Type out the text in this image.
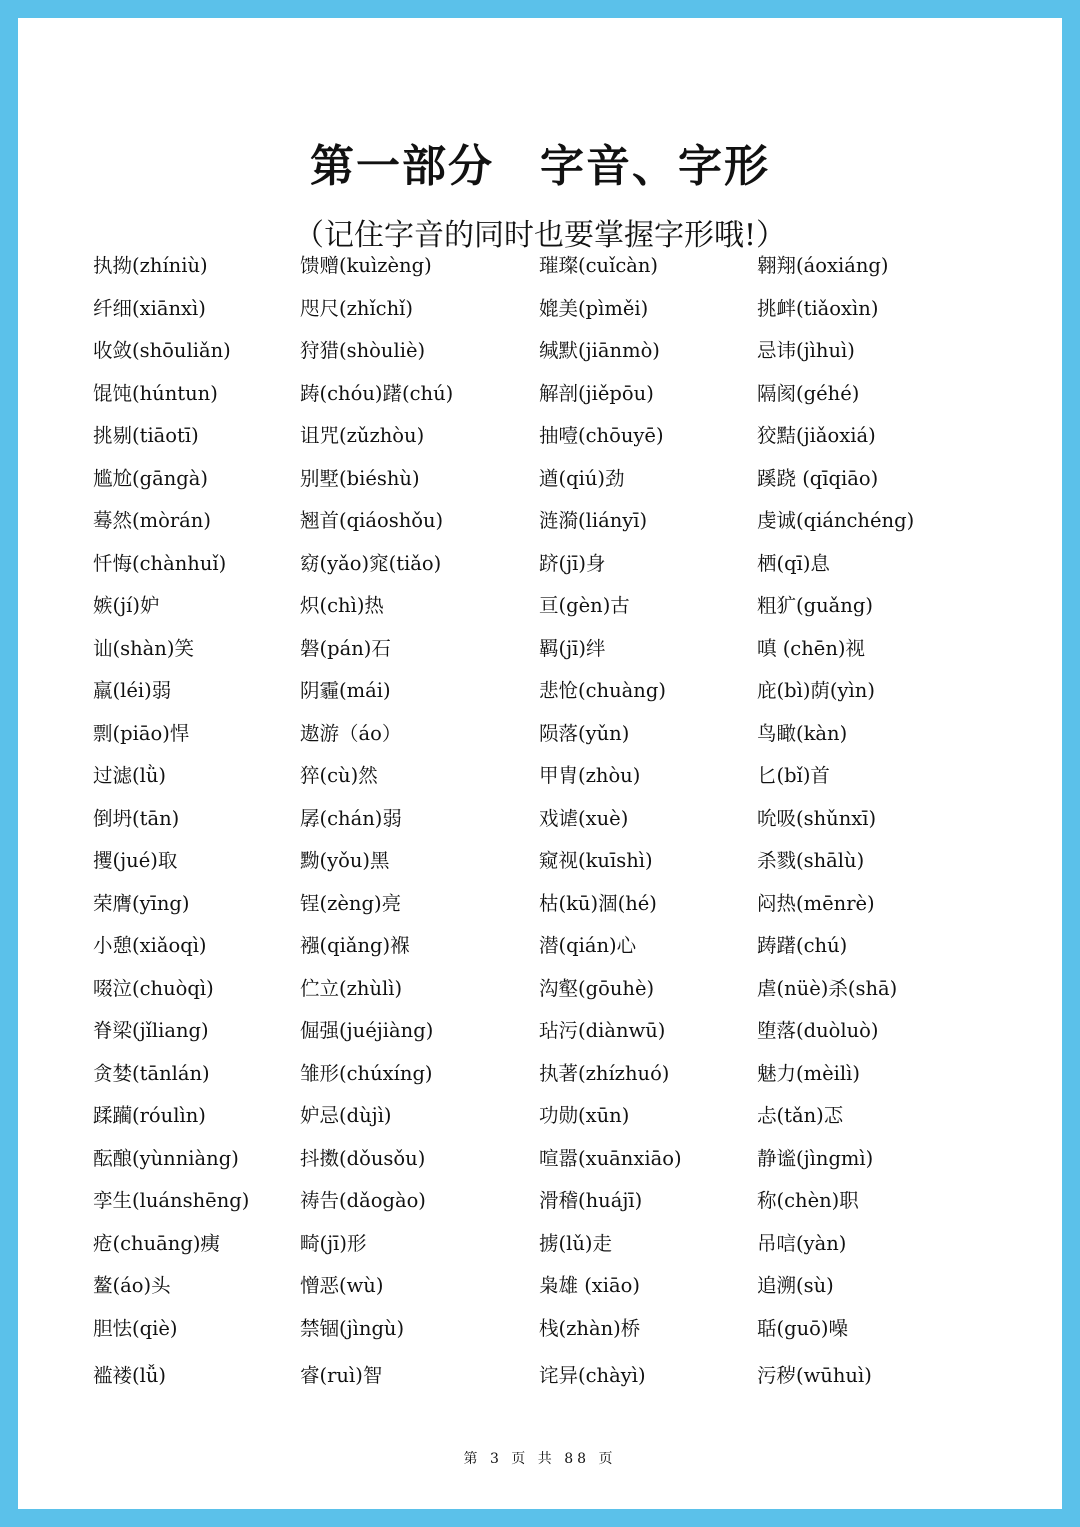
第一部分　字音、字形
（记住字音的同时也要掌握字形哦!）
执拗(zhíniù)
纤细(xiānxì)
收敛(shōuliǎn)
馄饨(húntun)
挑剔(tiāotī)
尴尬(gāngà)
蓦然(mòrán)
忏悔(chànhuǐ)
嫉(jí)妒
讪(shàn)笑
羸(léi)弱
剽(piāo)悍
过滤(lǜ)
倒坍(tān)
攫(jué)取
荣膺(yīng)
小憩(xiǎoqì)
啜泣(chuòqì)
脊梁(jǐliang)
贪婪(tānlán)
蹂躏(róulìn)
酝酿(yùnniàng)
孪生(luánshēng)
疮(chuāng)痍
鳌(áo)头
胆怯(qiè)
褴褛(lǚ)
馈赠(kuìzèng)
咫尺(zhǐchǐ)
狩猎(shòuliè)
踌(chóu)躇(chú)
诅咒(zǔzhòu)
别墅(biéshù)
翘首(qiáoshǒu)
窈(yǎo)窕(tiǎo)
炽(chì)热
磐(pán)石
阴霾(mái)
遨游（áo）
猝(cù)然
孱(chán)弱
黝(yǒu)黑
锃(zèng)亮
襁(qiǎng)褓
伫立(zhùlì)
倔强(juéjiàng)
雏形(chúxíng)
妒忌(dùjì)
抖擞(dǒusǒu)
祷告(dǎogào)
畸(jī)形
憎恶(wù)
禁锢(jìngù)
睿(ruì)智
璀璨(cuǐcàn)
媲美(pìměi)
缄默(jiānmò)
解剖(jiěpōu)
抽噎(chōuyē)
遒(qiú)劲
涟漪(liányī)
跻(jī)身
亘(gèn)古
羁(jī)绊
悲怆(chuàng)
陨落(yǔn)
甲胄(zhòu)
戏谑(xuè)
窥视(kuīshì)
枯(kū)涸(hé)
潜(qián)心
沟壑(gōuhè)
玷污(diànwū)
执著(zhízhuó)
功勋(xūn)
喧嚣(xuānxiāo)
滑稽(huájī)
掳(lǔ)走
枭雄 (xiāo)
栈(zhàn)桥
诧异(chàyì)
翱翔(áoxiáng)
挑衅(tiǎoxìn)
忌讳(jìhuì)
隔阂(géhé)
狡黠(jiǎoxiá)
蹊跷 (qīqiāo)
虔诚(qiánchéng)
栖(qī)息
粗犷(guǎng)
嗔 (chēn)视
庇(bì)荫(yìn)
鸟瞰(kàn)
匕(bǐ)首
吮吸(shǔnxī)
杀戮(shālù)
闷热(mēnrè)
踌躇(chú)
虐(nüè)杀(shā)
堕落(duòluò)
魅力(mèilì)
忐(tǎn)忑
静谧(jìngmì)
称(chèn)职
吊唁(yàn)
追溯(sù)
聒(guō)噪
污秽(wūhuì)
第 3 页 共 88 页
